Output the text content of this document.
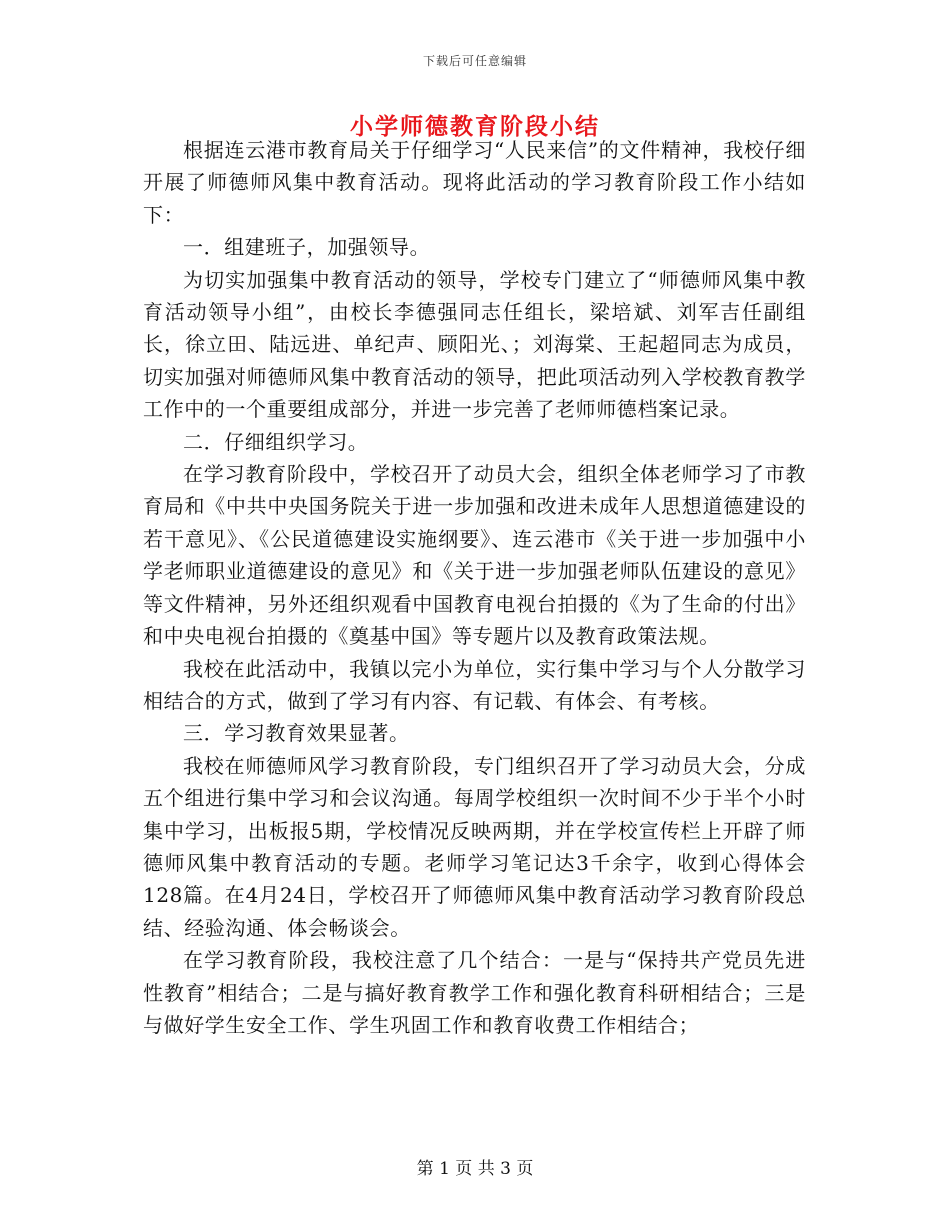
下载后可任意编辑
小学师德教育阶段小结

根据连云港市教育局关于仔细学习“人民来信”的文件精神，我校仔细开展了师德师风集中教育活动。现将此活动的学习教育阶段工作小结如下：

一．组建班子，加强领导。

为切实加强集中教育活动的领导，学校专门建立了“师德师风集中教育活动领导小组”，由校长李德强同志任组长，梁培斌、刘军吉任副组长，徐立田、陆远进、单纪声、顾阳光、；刘海棠、王起超同志为成员，切实加强对师德师风集中教育活动的领导，把此项活动列入学校教育教学工作中的一个重要组成部分，并进一步完善了老师师德档案记录。

二．仔细组织学习。

在学习教育阶段中，学校召开了动员大会，组织全体老师学习了市教育局和《中共中央国务院关于进一步加强和改进未成年人思想道德建设的若干意见》、《公民道德建设实施纲要》、连云港市《关于进一步加强中小学老师职业道德建设的意见》和《关于进一步加强老师队伍建设的意见》等文件精神，另外还组织观看中国教育电视台拍摄的《为了生命的付出》和中央电视台拍摄的《奠基中国》等专题片以及教育政策法规。

我校在此活动中，我镇以完小为单位，实行集中学习与个人分散学习相结合的方式，做到了学习有内容、有记载、有体会、有考核。

三．学习教育效果显著。

我校在师德师风学习教育阶段，专门组织召开了学习动员大会，分成五个组进行集中学习和会议沟通。每周学校组织一次时间不少于半个小时集中学习，出板报5期，学校情况反映两期，并在学校宣传栏上开辟了师德师风集中教育活动的专题。老师学习笔记达3千余字，收到心得体会128篇。在4月24日，学校召开了师德师风集中教育活动学习教育阶段总结、经验沟通、体会畅谈会。

在学习教育阶段，我校注意了几个结合：一是与“保持共产党员先进性教育”相结合；二是与搞好教育教学工作和强化教育科研相结合；三是与做好学生安全工作、学生巩固工作和教育收费工作相结合；

第 1 页 共 3 页
